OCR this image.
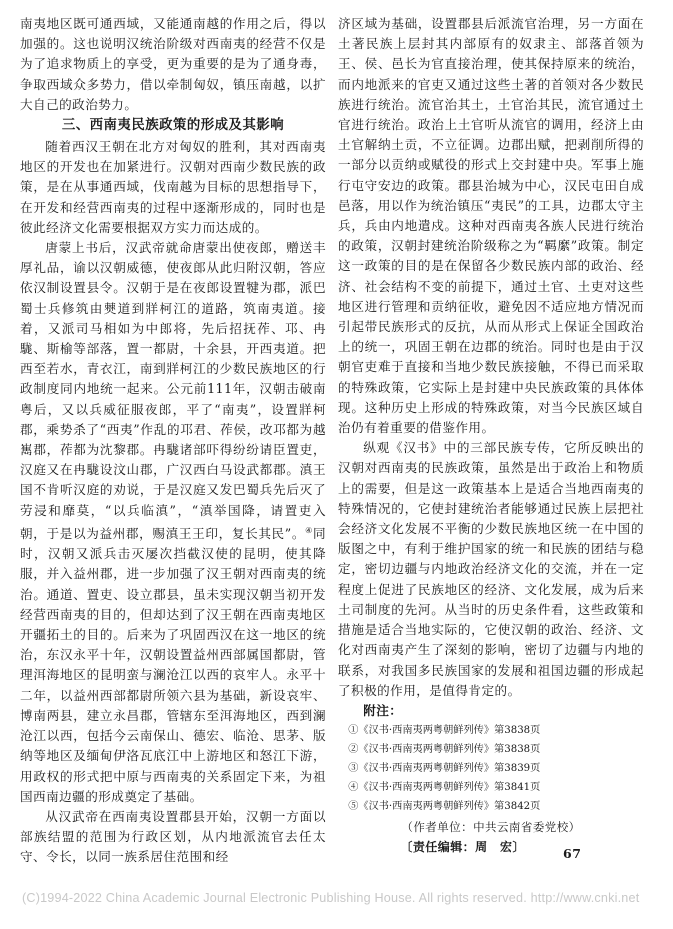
南夷地区既可通西域，又能通南越的作用之后，得以加强的。这也说明汉统治阶级对西南夷的经营不仅是为了追求物质上的享受，更为重要的是为了通身毒，争取西域众多势力，借以牵制匈奴，镇压南越，以扩大自己的政治势力。

三、西南夷民族政策的形成及其影响

随着西汉王朝在北方对匈奴的胜利，其对西南夷地区的开发也在加紧进行。汉朝对西南少数民族的政策，是在从事通西域，伐南越为目标的思想指导下，在开发和经营西南夷的过程中逐渐形成的，同时也是彼此经济文化需要根据双方实力而达成的。

唐蒙上书后，汉武帝就命唐蒙出使夜郎，赠送丰厚礼品，谕以汉朝威德，使夜郎从此归附汉朝，答应依汉制设置县令。汉朝于是在夜郎设置犍为郡，派巴蜀士兵修筑由僰道到牂柯江的道路，筑南夷道。接着，又派司马相如为中郎将，先后招抚莋、邛、冉駹、斯榆等部落，置一都尉，十余县，开西夷道。把西至若水，青衣江，南到牂柯江的少数民族地区的行政制度同内地统一起来。公元前111年，汉朝击破南粤后，又以兵威征服夜郎，平了“南夷”，设置牂柯郡，乘势杀了“西夷”作乱的邛君、莋侯，改邛都为越嶲郡，莋都为沈黎郡。冉駹诸部吓得纷纷请臣置吏，汉庭又在冉駹设汶山郡，广汉西白马设武都郡。滇王国不肯听汉庭的劝说，于是汉庭又发巴蜀兵先后灭了劳浸和靡莫，“以兵临滇”，“滇举国降，请置吏入朝，于是以为益州郡，赐滇王王印，复长其民”。④同时，汉朝又派兵击灭屡次挡截汉使的昆明，使其降服，并入益州郡，进一步加强了汉王朝对西南夷的统治。通道、置吏、设立郡县，虽未实现汉朝当初开发经营西南夷的目的，但却达到了汉王朝在西南夷地区开疆拓土的目的。后来为了巩固西汉在这一地区的统治，东汉永平十年，汉朝设置益州西部属国都尉，管理洱海地区的昆明蛮与澜沧江以西的哀牢人。永平十二年，以益州西部都尉所领六县为基础，新设哀牢、博南两县，建立永昌郡，管辖东至洱海地区，西到澜沧江以西，包括今云南保山、德宏、临沧、思茅、版纳等地区及缅甸伊洛瓦底江中上游地区和怒江下游，用政权的形式把中原与西南夷的关系固定下来，为祖国西南边疆的形成奠定了基础。

从汉武帝在西南夷设置郡县开始，汉朝一方面以部族结盟的范围为行政区划，从内地派流官去任太守、令长，以同一族系居住范围和经

济区域为基础，设置郡县后派流官治理，另一方面在土著民族上层封其内部原有的奴隶主、部落首领为王、侯、邑长为官直接治理，使其保持原来的统治，而内地派来的官吏又通过这些土著的首领对各少数民族进行统治。流官治其土，土官治其民，流官通过土官进行统治。政治上土官听从流官的调用，经济上由土官解纳土贡，不立征调。边郡出赋，把剥削所得的一部分以贡纳或赋役的形式上交封建中央。军事上施行屯守安边的政策。郡县治城为中心，汉民屯田自成邑落，用以作为统治镇压“夷民”的工具，边郡太守主兵，兵由内地遣戍。这种对西南夷各族人民进行统治的政策，汉朝封建统治阶级称之为“羁縻”政策。制定这一政策的目的是在保留各少数民族内部的政治、经济、社会结构不变的前提下，通过土官、土吏对这些地区进行管理和贡纳征收，避免因不适应地方情况而引起带民族形式的反抗，从而从形式上保证全国政治上的统一，巩固王朝在边郡的统治。同时也是由于汉朝官吏难于直接和当地少数民族接触，不得已而采取的特殊政策，它实际上是封建中央民族政策的具体体现。这种历史上形成的特殊政策，对当今民族区域自治仍有着重要的借鉴作用。

纵观《汉书》中的三部民族专传，它所反映出的汉朝对西南夷的民族政策，虽然是出于政治上和物质上的需要，但是这一政策基本上是适合当地西南夷的特殊情况的，它使封建统治者能够通过民族上层把社会经济文化发展不平衡的少数民族地区统一在中国的版图之中，有利于维护国家的统一和民族的团结与稳定，密切边疆与内地政治经济文化的交流，并在一定程度上促进了民族地区的经济、文化发展，成为后来土司制度的先河。从当时的历史条件看，这些政策和措施是适合当地实际的，它使汉朝的政治、经济、文化对西南夷产生了深刻的影响，密切了边疆与内地的联系，对我国多民族国家的发展和祖国边疆的形成起了积极的作用，是值得肯定的。

附注：
①《汉书·西南夷两粤朝鲜列传》第3838页
②《汉书·西南夷两粤朝鲜列传》第3838页
③《汉书·西南夷两粤朝鲜列传》第3839页
④《汉书·西南夷两粤朝鲜列传》第3841页
⑤《汉书·西南夷两粤朝鲜列传》第3842页
（作者单位：中共云南省委党校）
〔责任编辑：周　宏〕	67
(C)1994-2022 China Academic Journal Electronic Publishing House. All rights reserved. http://www.cnki.net
